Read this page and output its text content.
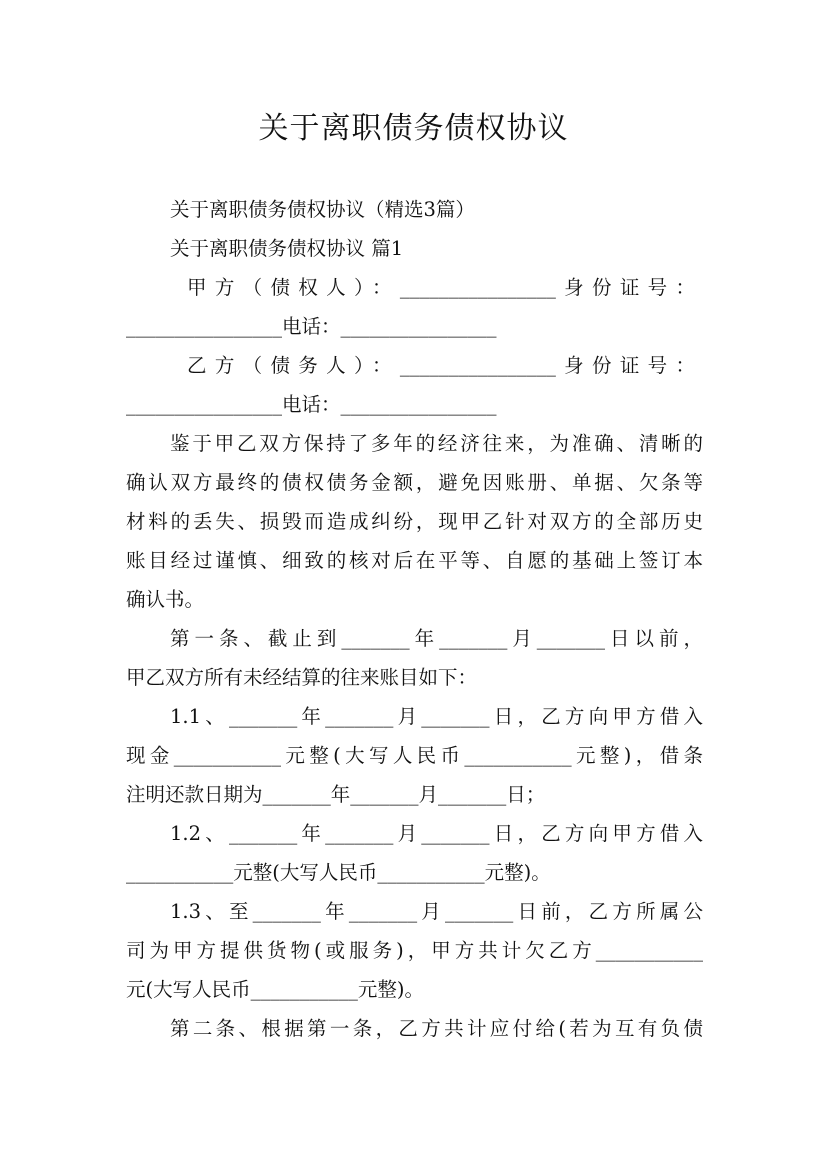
关于离职债务债权协议
关于离职债务债权协议（精选3篇）
关于离职债务债权协议 篇1
甲方（债权人）：________________身份证号：
________________电话：________________
乙方（债务人）：________________身份证号：
________________电话：________________
鉴于甲乙双方保持了多年的经济往来，为准确、清晰的
确认双方最终的债权债务金额，避免因账册、单据、欠条等
材料的丢失、损毁而造成纠纷，现甲乙针对双方的全部历史
账目经过谨慎、细致的核对后在平等、自愿的基础上签订本
确认书。
第一条、截止到_______年_______月_______日以前，
甲乙双方所有未经结算的往来账目如下：
1.1、_______年_______月_______日，乙方向甲方借入
现金___________元整(大写人民币___________元整)，借条
注明还款日期为_______年_______月_______日；
1.2、_______年_______月_______日，乙方向甲方借入
___________元整(大写人民币___________元整)。
1.3、至_______年_______月_______日前，乙方所属公
司为甲方提供货物(或服务)，甲方共计欠乙方___________
元(大写人民币___________元整)。
第二条、根据第一条，乙方共计应付给(若为互有负债
